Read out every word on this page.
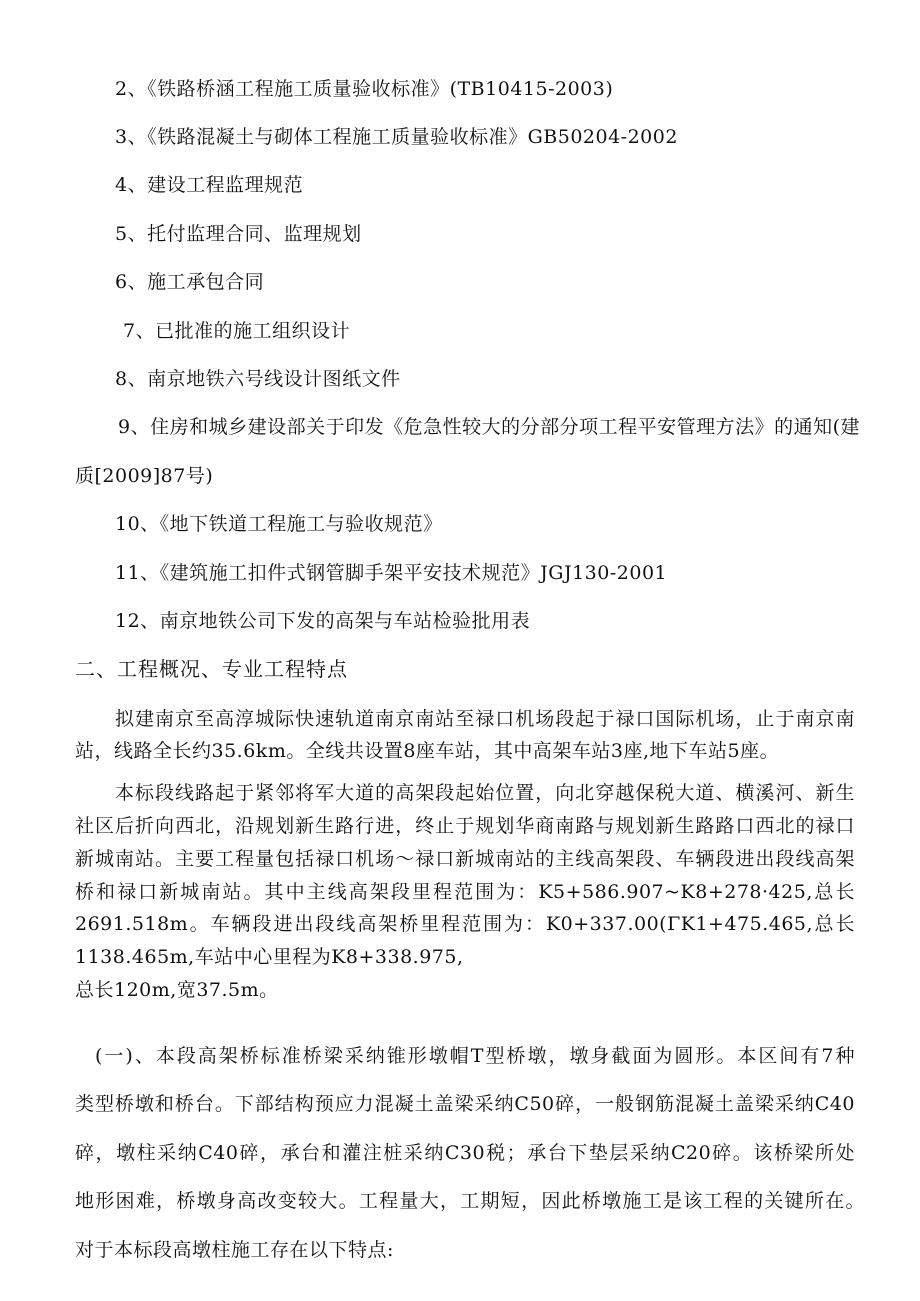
2、《铁路桥涵工程施工质量验收标准》(TB10415-2003)
3、《铁路混凝土与砌体工程施工质量验收标准》GB50204-2002
4、建设工程监理规范
5、托付监理合同、监理规划
6、施工承包合同
7、已批准的施工组织设计
8、南京地铁六号线设计图纸文件
9、住房和城乡建设部关于印发《危急性较大的分部分项工程平安管理方法》的通知(建
质[2009]87号)
10、《地下铁道工程施工与验收规范》
11、《建筑施工扣件式钢管脚手架平安技术规范》JGJ130-2001
12、南京地铁公司下发的高架与车站检验批用表
二、工程概况、专业工程特点
拟建南京至高淳城际快速轨道南京南站至禄口机场段起于禄口国际机场，止于南京南
站，线路全长约35.6km。全线共设置8座车站，其中高架车站3座,地下车站5座。
本标段线路起于紧邻将军大道的高架段起始位置，向北穿越保税大道、横溪河、新生
社区后折向西北，沿规划新生路行进，终止于规划华商南路与规划新生路路口西北的禄口
新城南站。主要工程量包括禄口机场～禄口新城南站的主线高架段、车辆段进出段线高架
桥和禄口新城南站。其中主线高架段里程范围为：K5+586.907~K8+278·425,总长
2691.518m。车辆段进出段线高架桥里程范围为：K0+337.00(ΓK1+475.465,总长
1138.465m,车站中心里程为K8+338.975,
总长120m,宽37.5m。
(一)、本段高架桥标准桥梁采纳锥形墩帽T型桥墩，墩身截面为圆形。本区间有7种
类型桥墩和桥台。下部结构预应力混凝土盖梁采纳C50碎，一般钢筋混凝土盖梁采纳C40
碎，墩柱采纳C40碎，承台和灌注桩采纳C30税；承台下垫层采纳C20碎。该桥梁所处
地形困难，桥墩身高改变较大。工程量大，工期短，因此桥墩施工是该工程的关键所在。
对于本标段高墩柱施工存在以下特点:
